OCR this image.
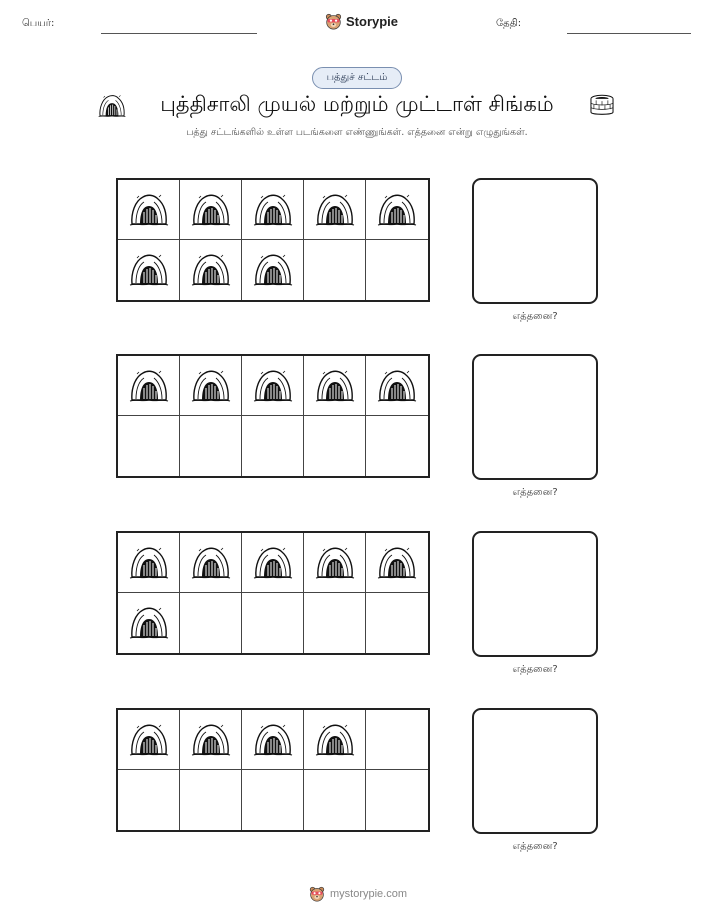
பெயர்:	Storypie	தேதி:
பத்துச் சட்டம்
புத்திசாலி முயல் மற்றும் முட்டாள் சிங்கம்
பத்து சட்டங்களில் உள்ள படங்களை எண்ணுங்கள். எத்தனை என்று எழுதுங்கள்.
எத்தனை?
எத்தனை?
எத்தனை?
எத்தனை?
mystorypie.com
